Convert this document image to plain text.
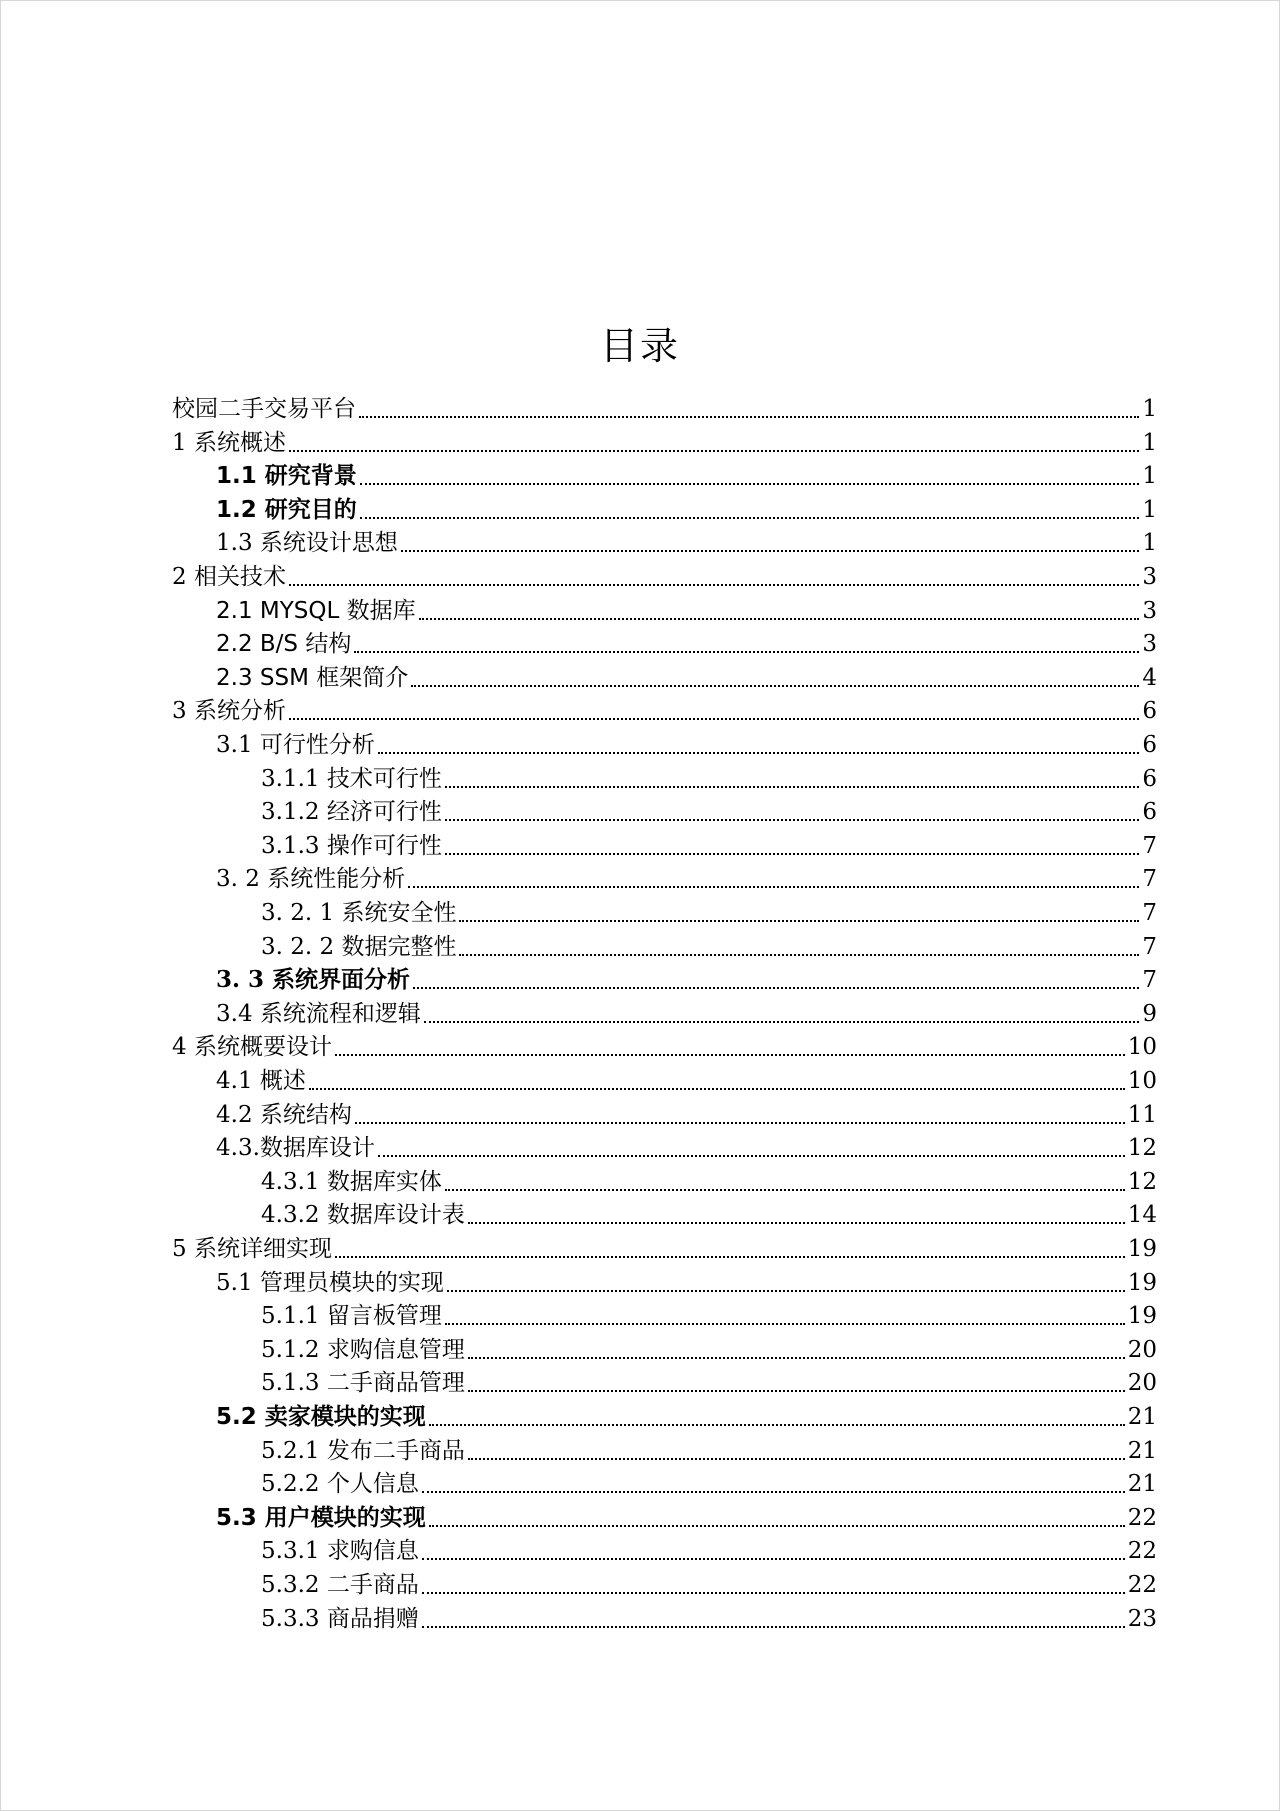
目录
校园二手交易平台	1
1 系统概述	1
1.1 研究背景	1
1.2 研究目的	1
1.3 系统设计思想	1
2 相关技术	3
2.1 MYSQL 数据库	3
2.2 B/S 结构	3
2.3 SSM 框架简介	4
3 系统分析	6
3.1 可行性分析	6
3.1.1 技术可行性	6
3.1.2 经济可行性	6
3.1.3 操作可行性	7
3. 2 系统性能分析	7
3. 2. 1 系统安全性	7
3. 2. 2 数据完整性	7
3. 3 系统界面分析	7
3.4 系统流程和逻辑	9
4 系统概要设计	10
4.1 概述	10
4.2 系统结构	11
4.3.数据库设计	12
4.3.1 数据库实体	12
4.3.2 数据库设计表	14
5 系统详细实现	19
5.1 管理员模块的实现	19
5.1.1 留言板管理	19
5.1.2 求购信息管理	20
5.1.3 二手商品管理	20
5.2 卖家模块的实现	21
5.2.1 发布二手商品	21
5.2.2 个人信息	21
5.3 用户模块的实现	22
5.3.1 求购信息	22
5.3.2 二手商品	22
5.3.3 商品捐赠	23
